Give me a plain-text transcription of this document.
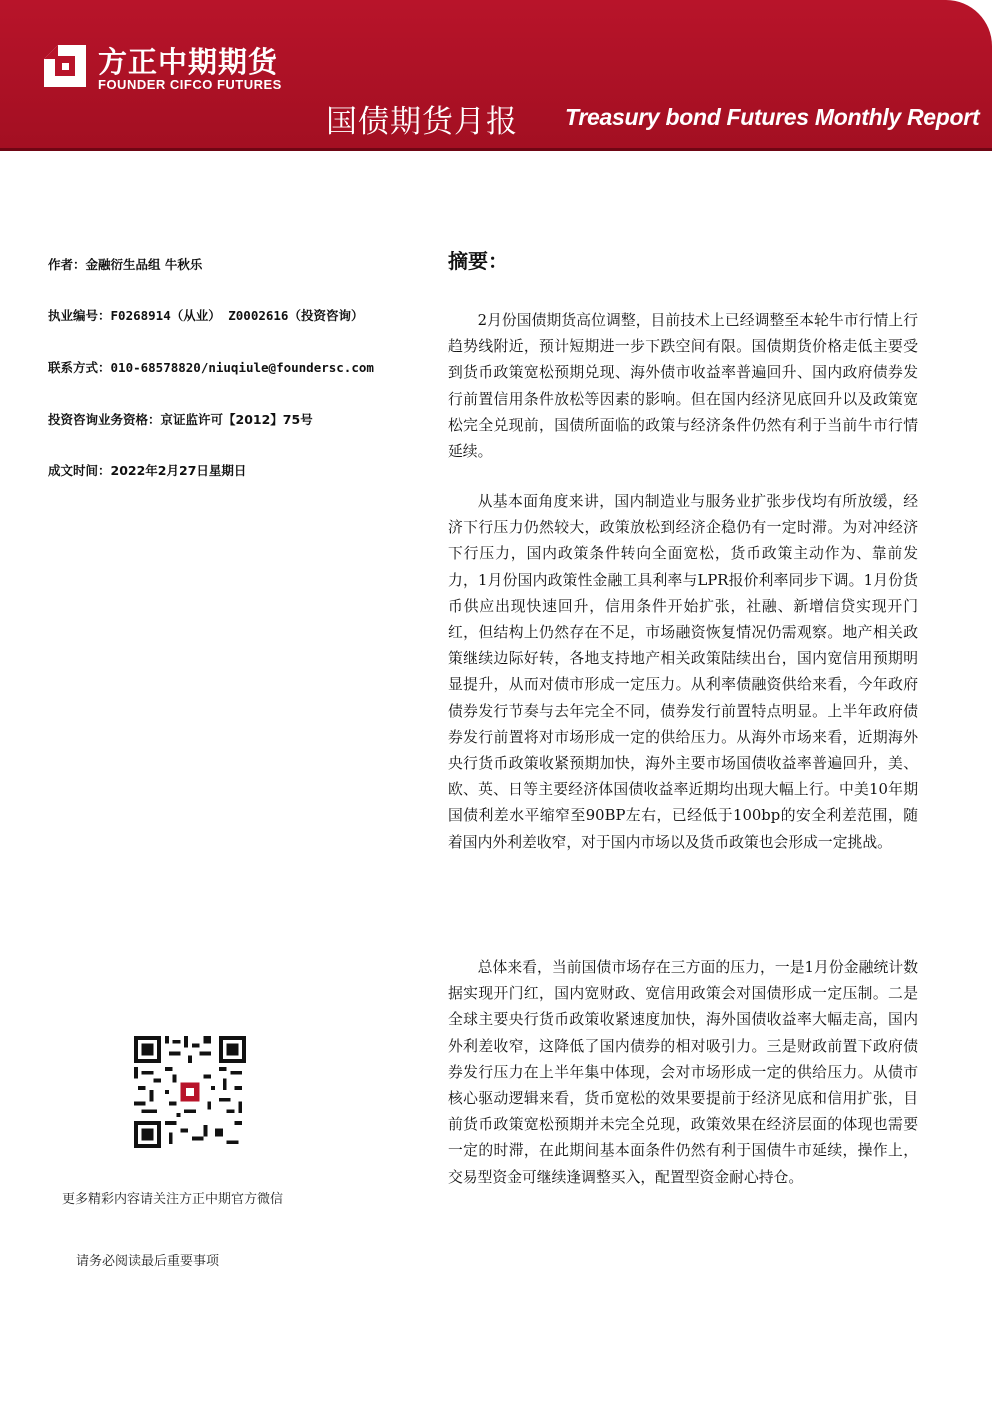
方正中期期货
FOUNDER CIFCO FUTURES
国债期货月报 Treasury bond Futures Monthly Report
作者：金融衍生品组 牛秋乐
执业编号：F0268914（从业） Z0002616（投资咨询）
联系方式：010-68578820/niuqiule@foundersc.com
投资咨询业务资格：京证监许可【2012】75号
成文时间：2022年2月27日星期日
更多精彩内容请关注方正中期官方微信
请务必阅读最后重要事项
摘要：

2月份国债期货高位调整，目前技术上已经调整至本轮牛市行情上行趋势线附近，预计短期进一步下跌空间有限。国债期货价格走低主要受到货币政策宽松预期兑现、海外债市收益率普遍回升、国内政府债券发行前置信用条件放松等因素的影响。但在国内经济见底回升以及政策宽松完全兑现前，国债所面临的政策与经济条件仍然有利于当前牛市行情延续。

从基本面角度来讲，国内制造业与服务业扩张步伐均有所放缓，经济下行压力仍然较大，政策放松到经济企稳仍有一定时滞。为对冲经济下行压力，国内政策条件转向全面宽松，货币政策主动作为、靠前发力，1月份国内政策性金融工具利率与LPR报价利率同步下调。1月份货币供应出现快速回升，信用条件开始扩张，社融、新增信贷实现开门红，但结构上仍然存在不足，市场融资恢复情况仍需观察。地产相关政策继续边际好转，各地支持地产相关政策陆续出台，国内宽信用预期明显提升，从而对债市形成一定压力。从利率债融资供给来看，今年政府债券发行节奏与去年完全不同，债券发行前置特点明显。上半年政府债券发行前置将对市场形成一定的供给压力。从海外市场来看，近期海外央行货币政策收紧预期加快，海外主要市场国债收益率普遍回升，美、欧、英、日等主要经济体国债收益率近期均出现大幅上行。中美10年期国债利差水平缩窄至90BP左右，已经低于100bp的安全利差范围，随着国内外利差收窄，对于国内市场以及货币政策也会形成一定挑战。

总体来看，当前国债市场存在三方面的压力，一是1月份金融统计数据实现开门红，国内宽财政、宽信用政策会对国债形成一定压制。二是全球主要央行货币政策收紧速度加快，海外国债收益率大幅走高，国内外利差收窄，这降低了国内债券的相对吸引力。三是财政前置下政府债券发行压力在上半年集中体现，会对市场形成一定的供给压力。从债市核心驱动逻辑来看，货币宽松的效果要提前于经济见底和信用扩张，目前货币政策宽松预期并未完全兑现，政策效果在经济层面的体现也需要一定的时滞，在此期间基本面条件仍然有利于国债牛市延续，操作上，交易型资金可继续逢调整买入，配置型资金耐心持仓。
